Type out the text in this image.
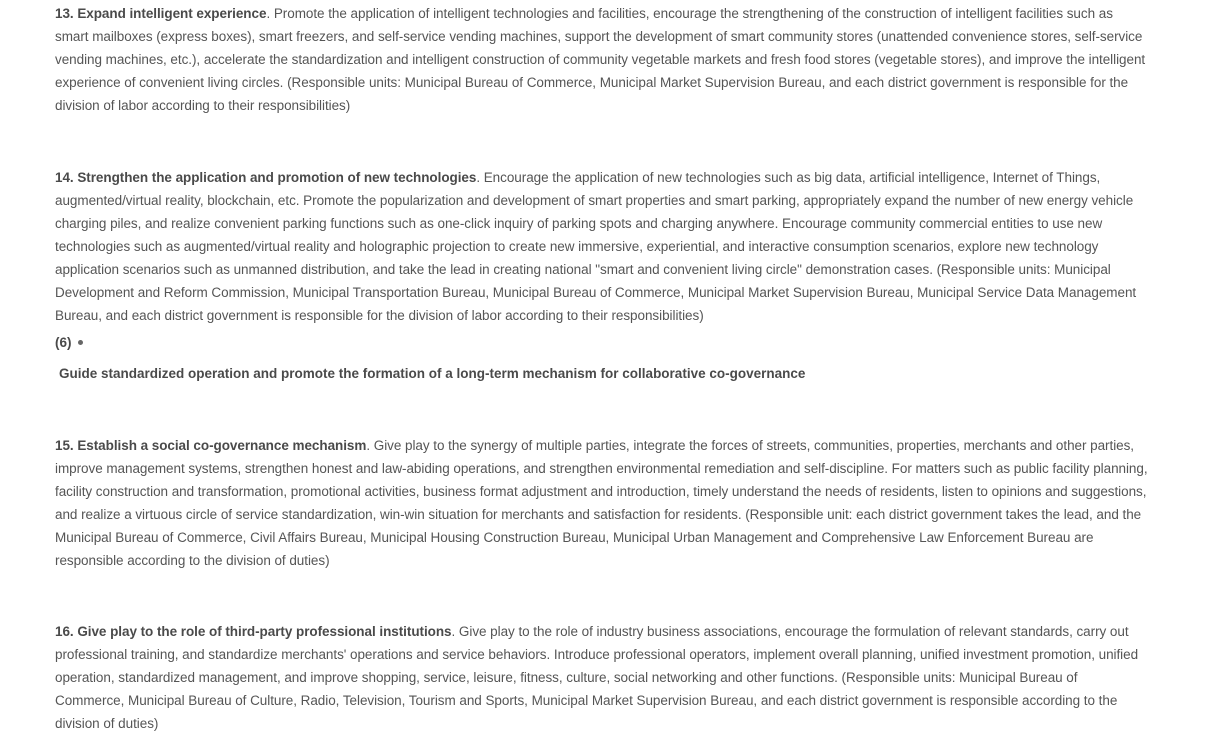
13. Expand intelligent experience. Promote the application of intelligent technologies and facilities, encourage the strengthening of the construction of intelligent facilities such as smart mailboxes (express boxes), smart freezers, and self-service vending machines, support the development of smart community stores (unattended convenience stores, self-service vending machines, etc.), accelerate the standardization and intelligent construction of community vegetable markets and fresh food stores (vegetable stores), and improve the intelligent experience of convenient living circles. (Responsible units: Municipal Bureau of Commerce, Municipal Market Supervision Bureau, and each district government is responsible for the division of labor according to their responsibilities)

14. Strengthen the application and promotion of new technologies. Encourage the application of new technologies such as big data, artificial intelligence, Internet of Things, augmented/virtual reality, blockchain, etc. Promote the popularization and development of smart properties and smart parking, appropriately expand the number of new energy vehicle charging piles, and realize convenient parking functions such as one-click inquiry of parking spots and charging anywhere. Encourage community commercial entities to use new technologies such as augmented/virtual reality and holographic projection to create new immersive, experiential, and interactive consumption scenarios, explore new technology application scenarios such as unmanned distribution, and take the lead in creating national "smart and convenient living circle" demonstration cases. (Responsible units: Municipal Development and Reform Commission, Municipal Transportation Bureau, Municipal Bureau of Commerce, Municipal Market Supervision Bureau, Municipal Service Data Management Bureau, and each district government is responsible for the division of labor according to their responsibilities)

(6)

Guide standardized operation and promote the formation of a long-term mechanism for collaborative co-governance

15. Establish a social co-governance mechanism. Give play to the synergy of multiple parties, integrate the forces of streets, communities, properties, merchants and other parties, improve management systems, strengthen honest and law-abiding operations, and strengthen environmental remediation and self-discipline. For matters such as public facility planning, facility construction and transformation, promotional activities, business format adjustment and introduction, timely understand the needs of residents, listen to opinions and suggestions, and realize a virtuous circle of service standardization, win-win situation for merchants and satisfaction for residents. (Responsible unit: each district government takes the lead, and the Municipal Bureau of Commerce, Civil Affairs Bureau, Municipal Housing Construction Bureau, Municipal Urban Management and Comprehensive Law Enforcement Bureau are responsible according to the division of duties)

16. Give play to the role of third-party professional institutions. Give play to the role of industry business associations, encourage the formulation of relevant standards, carry out professional training, and standardize merchants' operations and service behaviors. Introduce professional operators, implement overall planning, unified investment promotion, unified operation, standardized management, and improve shopping, service, leisure, fitness, culture, social networking and other functions. (Responsible units: Municipal Bureau of Commerce, Municipal Bureau of Culture, Radio, Television, Tourism and Sports, Municipal Market Supervision Bureau, and each district government is responsible according to the division of duties)
